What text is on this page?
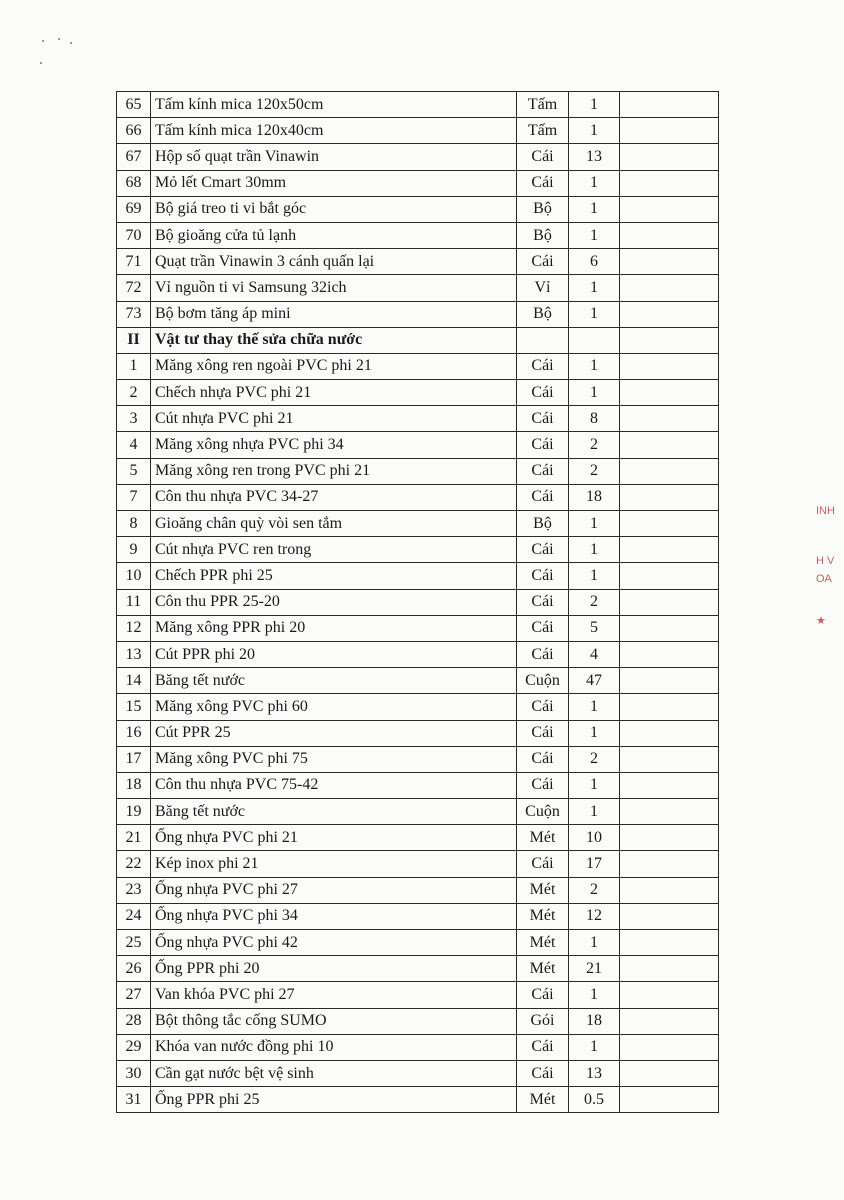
65	Tấm kính mica 120x50cm	Tấm	1	
66	Tấm kính mica 120x40cm	Tấm	1	
67	Hộp số quạt trần Vinawin	Cái	13	
68	Mỏ lết Cmart 30mm	Cái	1	
69	Bộ giá treo ti vi bắt góc	Bộ	1	
70	Bộ gioăng cửa tủ lạnh	Bộ	1	
71	Quạt trần Vinawin 3 cánh quấn lại	Cái	6	
72	Vỉ nguồn ti vi Samsung 32ich	Vỉ	1	
73	Bộ bơm tăng áp mini	Bộ	1	
II	Vật tư thay thế sửa chữa nước			
1	Măng xông ren ngoài PVC phi 21	Cái	1	
2	Chếch nhựa PVC phi 21	Cái	1	
3	Cút nhựa PVC phi 21	Cái	8	
4	Măng xông nhựa PVC phi 34	Cái	2	
5	Măng xông ren trong PVC phi 21	Cái	2	
7	Côn thu nhựa PVC 34-27	Cái	18	
8	Gioăng chân quỳ vòi sen tắm	Bộ	1	
9	Cút nhựa PVC ren trong	Cái	1	
10	Chếch PPR phi 25	Cái	1	
11	Côn thu PPR 25-20	Cái	2	
12	Măng xông PPR phi 20	Cái	5	
13	Cút PPR phi 20	Cái	4	
14	Băng tết nước	Cuộn	47	
15	Măng xông PVC phi 60	Cái	1	
16	Cút PPR 25	Cái	1	
17	Măng xông PVC phi 75	Cái	2	
18	Côn thu nhựa PVC 75-42	Cái	1	
19	Băng tết nước	Cuộn	1	
21	Ống nhựa PVC phi 21	Mét	10	
22	Kép inox phi 21	Cái	17	
23	Ống nhựa PVC phi 27	Mét	2	
24	Ống nhựa PVC phi 34	Mét	12	
25	Ống nhựa PVC phi 42	Mét	1	
26	Ống PPR phi 20	Mét	21	
27	Van khóa PVC phi 27	Cái	1	
28	Bột thông tắc cống SUMO	Gói	18	
29	Khóa van nước đồng phi 10	Cái	1	
30	Cần gạt nước bệt vệ sinh	Cái	13	
31	Ống PPR phi 25	Mét	0.5	
INH
H V
OA
★
